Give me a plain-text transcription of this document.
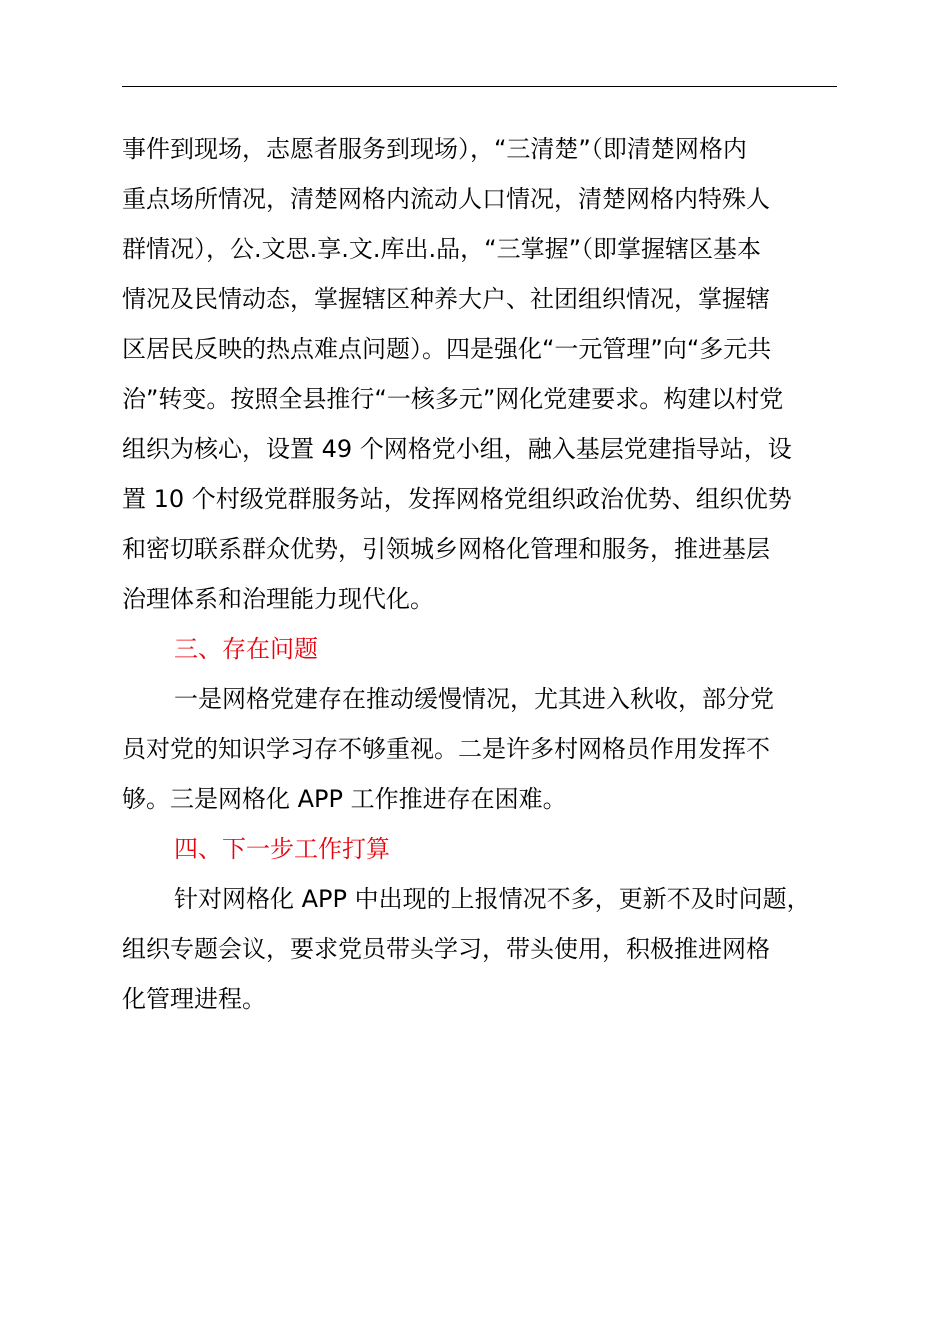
事件到现场，志愿者服务到现场），“三清楚”（即清楚网格内
重点场所情况，清楚网格内流动人口情况，清楚网格内特殊人
群情况），公.文思.享.文.库出.品，“三掌握”（即掌握辖区基本
情况及民情动态，掌握辖区种养大户、社团组织情况，掌握辖
区居民反映的热点难点问题）。四是强化“一元管理”向“多元共
治”转变。按照全县推行“一核多元”网化党建要求。构建以村党
组织为核心，设置 49 个网格党小组，融入基层党建指导站，设
置 10 个村级党群服务站，发挥网格党组织政治优势、组织优势
和密切联系群众优势，引领城乡网格化管理和服务，推进基层
治理体系和治理能力现代化。
三、存在问题
一是网格党建存在推动缓慢情况，尤其进入秋收，部分党
员对党的知识学习存不够重视。二是许多村网格员作用发挥不
够。三是网格化 APP 工作推进存在困难。
四、下一步工作打算
针对网格化 APP 中出现的上报情况不多，更新不及时问题，
组织专题会议，要求党员带头学习，带头使用，积极推进网格
化管理进程。
